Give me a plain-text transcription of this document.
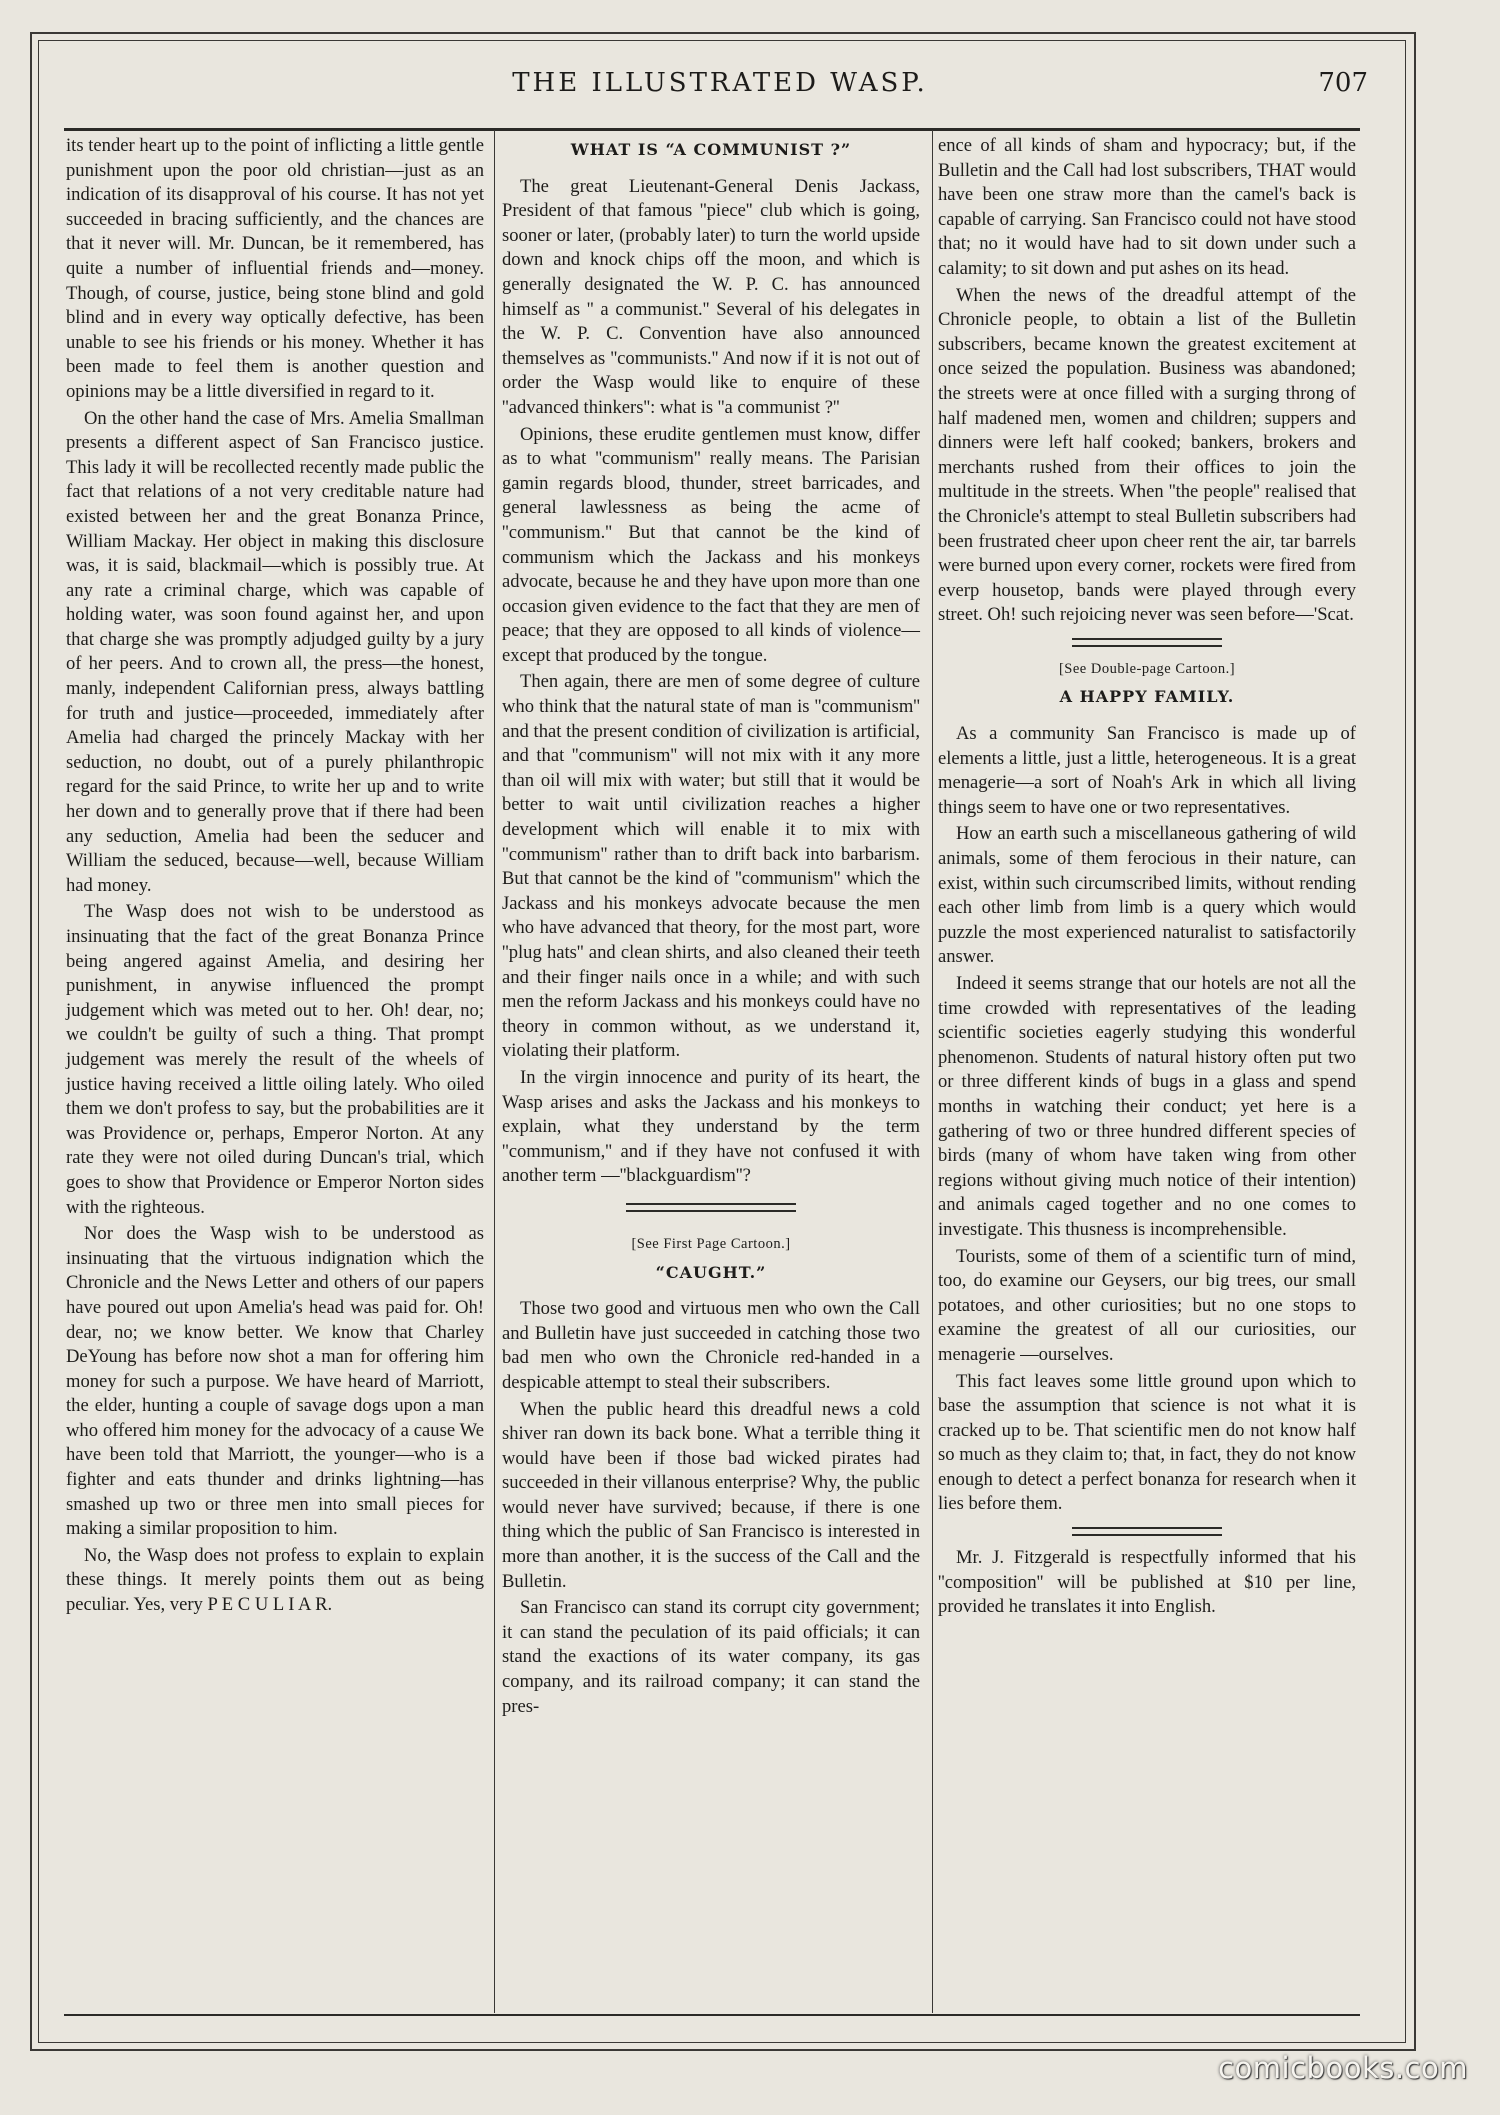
THE ILLUSTRATED WASP.	707

its tender heart up to the point of inflicting a little gentle punishment upon the poor old christian—just as an indication of its disapproval of his course. It has not yet succeeded in bracing sufficiently, and the chances are that it never will. Mr. Duncan, be it remembered, has quite a number of influential friends and—money. Though, of course, justice, being stone blind and gold blind and in every way optically defective, has been unable to see his friends or his money. Whether it has been made to feel them is another question and opinions may be a little diversified in regard to it.

On the other hand the case of Mrs. Amelia Smallman presents a different aspect of San Francisco justice. This lady it will be recollected recently made public the fact that relations of a not very creditable nature had existed between her and the great Bonanza Prince, William Mackay. Her object in making this disclosure was, it is said, blackmail—which is possibly true. At any rate a criminal charge, which was capable of holding water, was soon found against her, and upon that charge she was promptly adjudged guilty by a jury of her peers. And to crown all, the press—the honest, manly, independent Californian press, always battling for truth and justice—proceeded, immediately after Amelia had charged the princely Mackay with her seduction, no doubt, out of a purely philanthropic regard for the said Prince, to write her up and to write her down and to generally prove that if there had been any seduction, Amelia had been the seducer and William the seduced, because—well, because William had money.

The Wasp does not wish to be understood as insinuating that the fact of the great Bonanza Prince being angered against Amelia, and desiring her punishment, in anywise influenced the prompt judgement which was meted out to her. Oh! dear, no; we couldn't be guilty of such a thing. That prompt judgement was merely the result of the wheels of justice having received a little oiling lately. Who oiled them we don't profess to say, but the probabilities are it was Providence or, perhaps, Emperor Norton. At any rate they were not oiled during Duncan's trial, which goes to show that Providence or Emperor Norton sides with the righteous.

Nor does the Wasp wish to be understood as insinuating that the virtuous indignation which the Chronicle and the News Letter and others of our papers have poured out upon Amelia's head was paid for. Oh! dear, no; we know better. We know that Charley DeYoung has before now shot a man for offering him money for such a purpose. We have heard of Marriott, the elder, hunting a couple of savage dogs upon a man who offered him money for the advocacy of a cause We have been told that Marriott, the younger—who is a fighter and eats thunder and drinks lightning—has smashed up two or three men into small pieces for making a similar proposition to him.

No, the Wasp does not profess to explain to explain these things. It merely points them out as being peculiar. Yes, very P E C U L I A R.

WHAT IS “A COMMUNIST ?”

The great Lieutenant-General Denis Jackass, President of that famous ''piece'' club which is going, sooner or later, (probably later) to turn the world upside down and knock chips off the moon, and which is generally designated the W. P. C. has announced himself as '' a communist.'' Several of his delegates in the W. P. C. Convention have also announced themselves as ''communists.'' And now if it is not out of order the Wasp would like to enquire of these ''advanced thinkers'': what is ''a communist ?''

Opinions, these erudite gentlemen must know, differ as to what ''communism'' really means. The Parisian gamin regards blood, thunder, street barricades, and general lawlessness as being the acme of ''communism.'' But that cannot be the kind of communism which the Jackass and his monkeys advocate, because he and they have upon more than one occasion given evidence to the fact that they are men of peace; that they are opposed to all kinds of violence—except that produced by the tongue.

Then again, there are men of some degree of culture who think that the natural state of man is ''communism'' and that the present condition of civilization is artificial, and that ''communism'' will not mix with it any more than oil will mix with water; but still that it would be better to wait until civilization reaches a higher development which will enable it to mix with ''communism'' rather than to drift back into barbarism. But that cannot be the kind of ''communism'' which the Jackass and his monkeys advocate because the men who have advanced that theory, for the most part, wore ''plug hats'' and clean shirts, and also cleaned their teeth and their finger nails once in a while; and with such men the reform Jackass and his monkeys could have no theory in common without, as we understand it, violating their platform.

In the virgin innocence and purity of its heart, the Wasp arises and asks the Jackass and his monkeys to explain, what they understand by the term ''communism,'' and if they have not confused it with another term —''blackguardism''?

[See First Page Cartoon.]
“CAUGHT.”

Those two good and virtuous men who own the Call and Bulletin have just succeeded in catching those two bad men who own the Chronicle red-handed in a despicable attempt to steal their subscribers.

When the public heard this dreadful news a cold shiver ran down its back bone. What a terrible thing it would have been if those bad wicked pirates had succeeded in their villanous enterprise? Why, the public would never have survived; because, if there is one thing which the public of San Francisco is interested in more than another, it is the success of the Call and the Bulletin.

San Francisco can stand its corrupt city government; it can stand the peculation of its paid officials; it can stand the exactions of its water company, its gas company, and its railroad company; it can stand the pres-

ence of all kinds of sham and hypocracy; but, if the Bulletin and the Call had lost subscribers, THAT would have been one straw more than the camel's back is capable of carrying. San Francisco could not have stood that; no it would have had to sit down under such a calamity; to sit down and put ashes on its head.

When the news of the dreadful attempt of the Chronicle people, to obtain a list of the Bulletin subscribers, became known the greatest excitement at once seized the population. Business was abandoned; the streets were at once filled with a surging throng of half madened men, women and children; suppers and dinners were left half cooked; bankers, brokers and merchants rushed from their offices to join the multitude in the streets. When ''the people'' realised that the Chronicle's attempt to steal Bulletin subscribers had been frustrated cheer upon cheer rent the air, tar barrels were burned upon every corner, rockets were fired from everp housetop, bands were played through every street. Oh! such rejoicing never was seen before—'Scat.

[See Double-page Cartoon.]
A HAPPY FAMILY.

As a community San Francisco is made up of elements a little, just a little, heterogeneous. It is a great menagerie—a sort of Noah's Ark in which all living things seem to have one or two representatives.

How an earth such a miscellaneous gathering of wild animals, some of them ferocious in their nature, can exist, within such circumscribed limits, without rending each other limb from limb is a query which would puzzle the most experienced naturalist to satisfactorily answer.

Indeed it seems strange that our hotels are not all the time crowded with representatives of the leading scientific societies eagerly studying this wonderful phenomenon. Students of natural history often put two or three different kinds of bugs in a glass and spend months in watching their conduct; yet here is a gathering of two or three hundred different species of birds (many of whom have taken wing from other regions without giving much notice of their intention) and animals caged together and no one comes to investigate. This thusness is incomprehensible.

Tourists, some of them of a scientific turn of mind, too, do examine our Geysers, our big trees, our small potatoes, and other curiosities; but no one stops to examine the greatest of all our curiosities, our menagerie —ourselves.

This fact leaves some little ground upon which to base the assumption that science is not what it is cracked up to be. That scientific men do not know half so much as they claim to; that, in fact, they do not know enough to detect a perfect bonanza for research when it lies before them.

Mr. J. Fitzgerald is respectfully informed that his ''composition'' will be published at $10 per line, provided he translates it into English.

comicbooks.com
